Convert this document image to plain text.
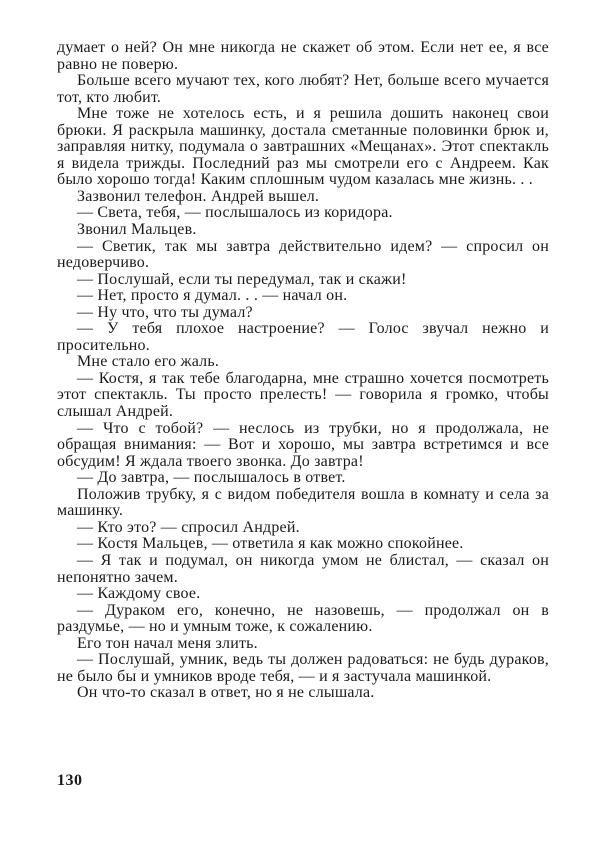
думает о ней? Он мне никогда не скажет об этом. Если нет ее, я все равно не поверю.

Больше всего мучают тех, кого любят? Нет, больше всего мучается тот, кто любит.

Мне тоже не хотелось есть, и я решила дошить наконец свои брюки. Я раскрыла машинку, достала сметанные половинки брюк и, заправляя нитку, подумала о завтрашних «Мещанах». Этот спектакль я видела трижды. Последний раз мы смотрели его с Андреем. Как было хорошо тогда! Каким сплошным чудом казалась мне жизнь. . .

Зазвонил телефон. Андрей вышел.

— Света, тебя, — послышалось из коридора.

Звонил Мальцев.

— Светик, так мы завтра действительно идем? — спросил он недоверчиво.

— Послушай, если ты передумал, так и скажи!

— Нет, просто я думал. . . — начал он.

— Ну что, что ты думал?

— У тебя плохое настроение? — Голос звучал нежно и просительно.

Мне стало его жаль.

— Костя, я так тебе благодарна, мне страшно хочется посмотреть этот спектакль. Ты просто прелесть! — говорила я громко, чтобы слышал Андрей.

— Что с тобой? — неслось из трубки, но я продолжала, не обращая внимания: — Вот и хорошо, мы завтра встретимся и все обсудим! Я ждала твоего звонка. До завтра!

— До завтра, — послышалось в ответ.

Положив трубку, я с видом победителя вошла в комнату и села за машинку.

— Кто это? — спросил Андрей.

— Костя Мальцев, — ответила я как можно спокойнее.

— Я так и подумал, он никогда умом не блистал, — сказал он непонятно зачем.

— Каждому свое.

— Дураком его, конечно, не назовешь, — продолжал он в раздумье, — но и умным тоже, к сожалению.

Его тон начал меня злить.

— Послушай, умник, ведь ты должен радоваться: не будь дураков, не было бы и умников вроде тебя, — и я застучала машинкой.

Он что-то сказал в ответ, но я не слышала.

130
